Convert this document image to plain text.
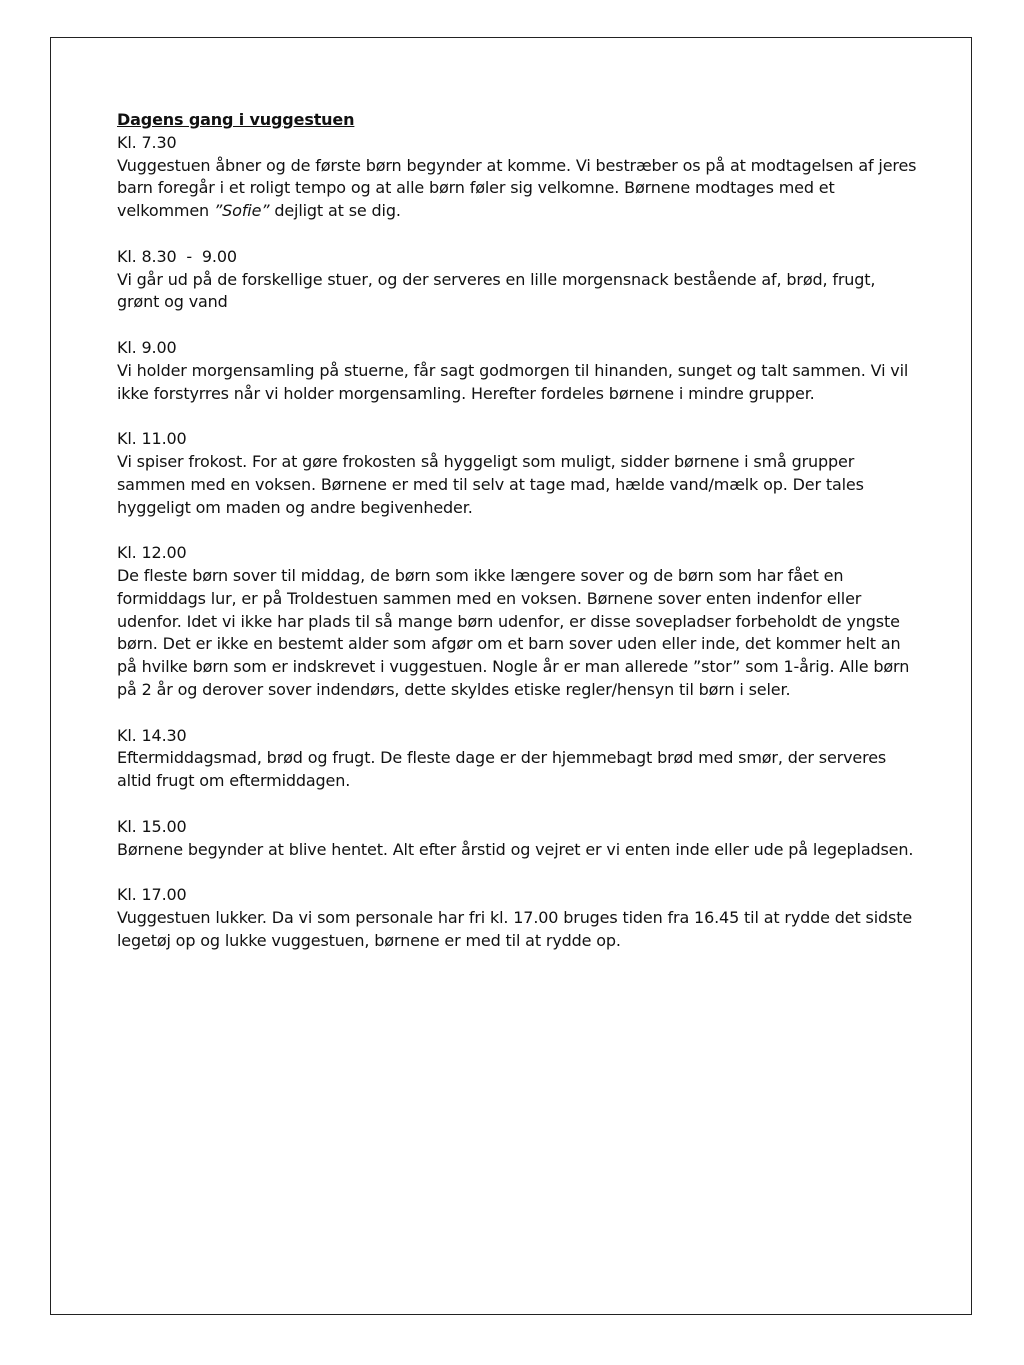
Dagens gang i vuggestuen

Kl. 7.30

Vuggestuen åbner og de første børn begynder at komme. Vi bestræber os på at modtagelsen af jeres barn foregår i et roligt tempo og at alle børn føler sig velkomne. Børnene modtages med et velkommen ”Sofie” dejligt at se dig.

Kl. 8.30  -  9.00

Vi går ud på de forskellige stuer, og der serveres en lille morgensnack bestående af, brød, frugt, grønt og vand

Kl. 9.00

Vi holder morgensamling på stuerne, får sagt godmorgen til hinanden, sunget og talt sammen. Vi vil ikke forstyrres når vi holder morgensamling. Herefter fordeles børnene i mindre grupper.

Kl. 11.00

Vi spiser frokost. For at gøre frokosten så hyggeligt som muligt, sidder børnene i små grupper sammen med en voksen. Børnene er med til selv at tage mad, hælde vand/mælk op. Der tales hyggeligt om maden og andre begivenheder.

Kl. 12.00

De fleste børn sover til middag, de børn som ikke længere sover og de børn som har fået en formiddags lur, er på Troldestuen sammen med en voksen. Børnene sover enten indenfor eller udenfor. Idet vi ikke har plads til så mange børn udenfor, er disse sovepladser forbeholdt de yngste børn. Det er ikke en bestemt alder som afgør om et barn sover uden eller inde, det kommer helt an på hvilke børn som er indskrevet i vuggestuen. Nogle år er man allerede ”stor” som 1-årig. Alle børn på 2 år og derover sover indendørs, dette skyldes etiske regler/hensyn til børn i seler.

Kl. 14.30

Eftermiddagsmad, brød og frugt. De fleste dage er der hjemmebagt brød med smør, der serveres altid frugt om eftermiddagen.

Kl. 15.00

Børnene begynder at blive hentet. Alt efter årstid og vejret er vi enten inde eller ude på legepladsen.

Kl. 17.00

Vuggestuen lukker. Da vi som personale har fri kl. 17.00 bruges tiden fra 16.45 til at rydde det sidste legetøj op og lukke vuggestuen, børnene er med til at rydde op.
